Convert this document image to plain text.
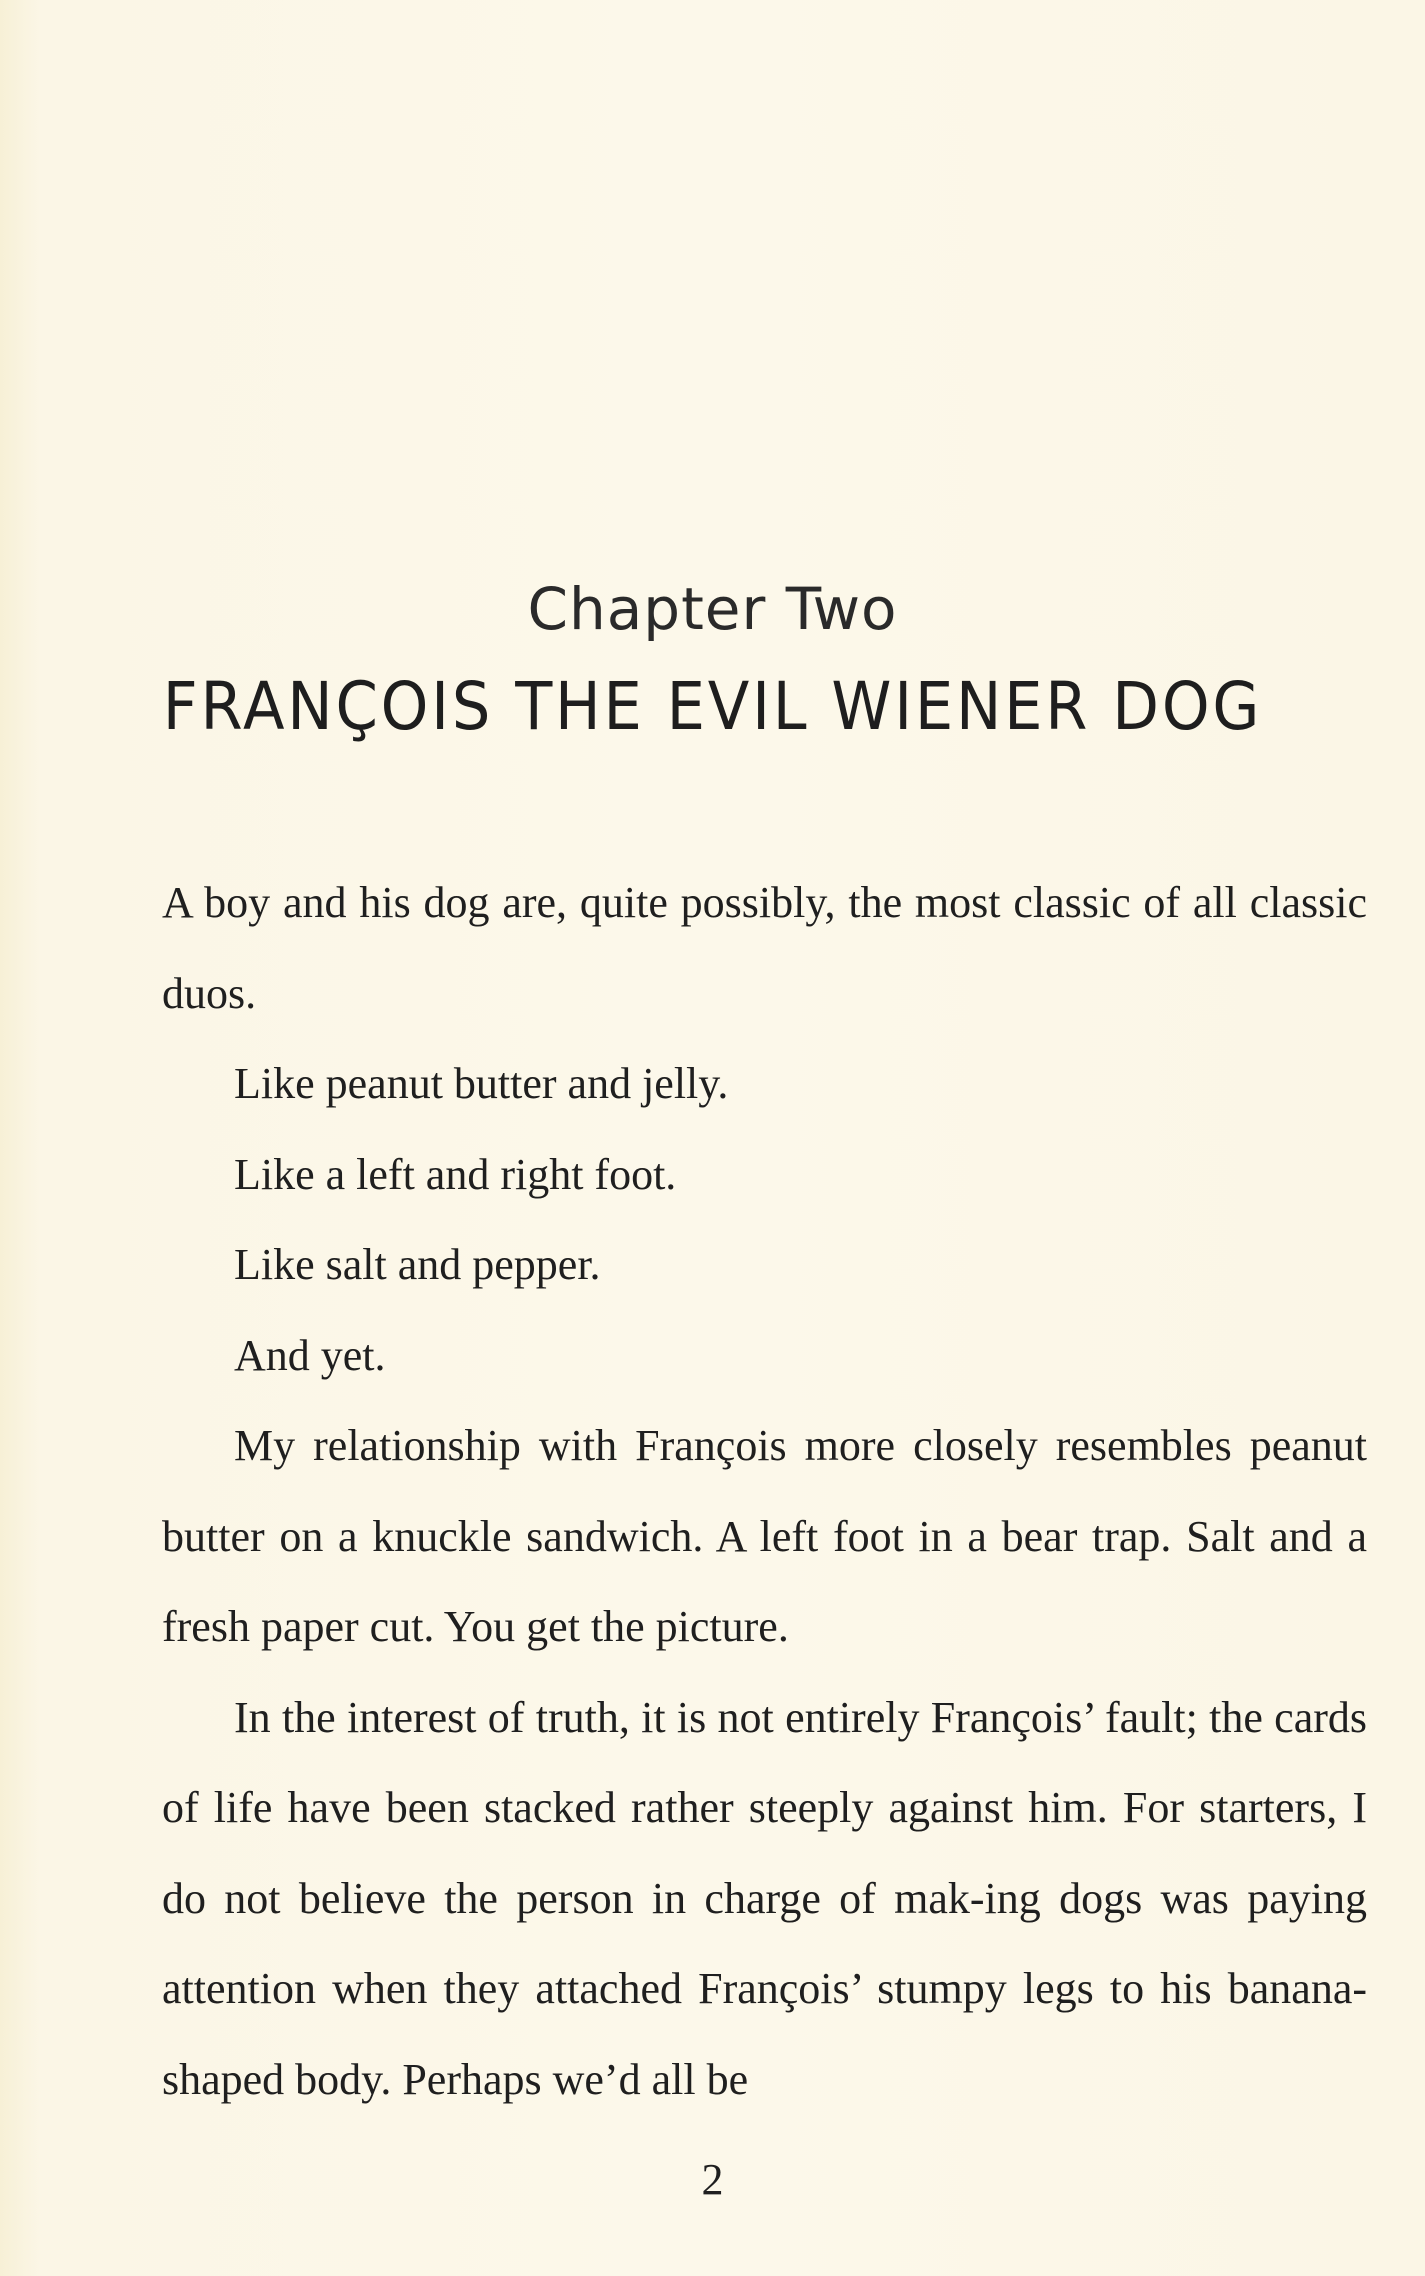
Chapter Two
FRANÇOIS THE EVIL WIENER DOG

A boy and his dog are, quite possibly, the most classic of all classic duos.

Like peanut butter and jelly.

Like a left and right foot.

Like salt and pepper.

And yet.

My relationship with François more closely resembles peanut butter on a knuckle sandwich. A left foot in a bear trap. Salt and a fresh paper cut. You get the picture.

In the interest of truth, it is not entirely François’ fault; the cards of life have been stacked rather steeply against him. For starters, I do not believe the person in charge of mak-ing dogs was paying attention when they attached François’ stumpy legs to his banana-shaped body. Perhaps we’d all be

2
